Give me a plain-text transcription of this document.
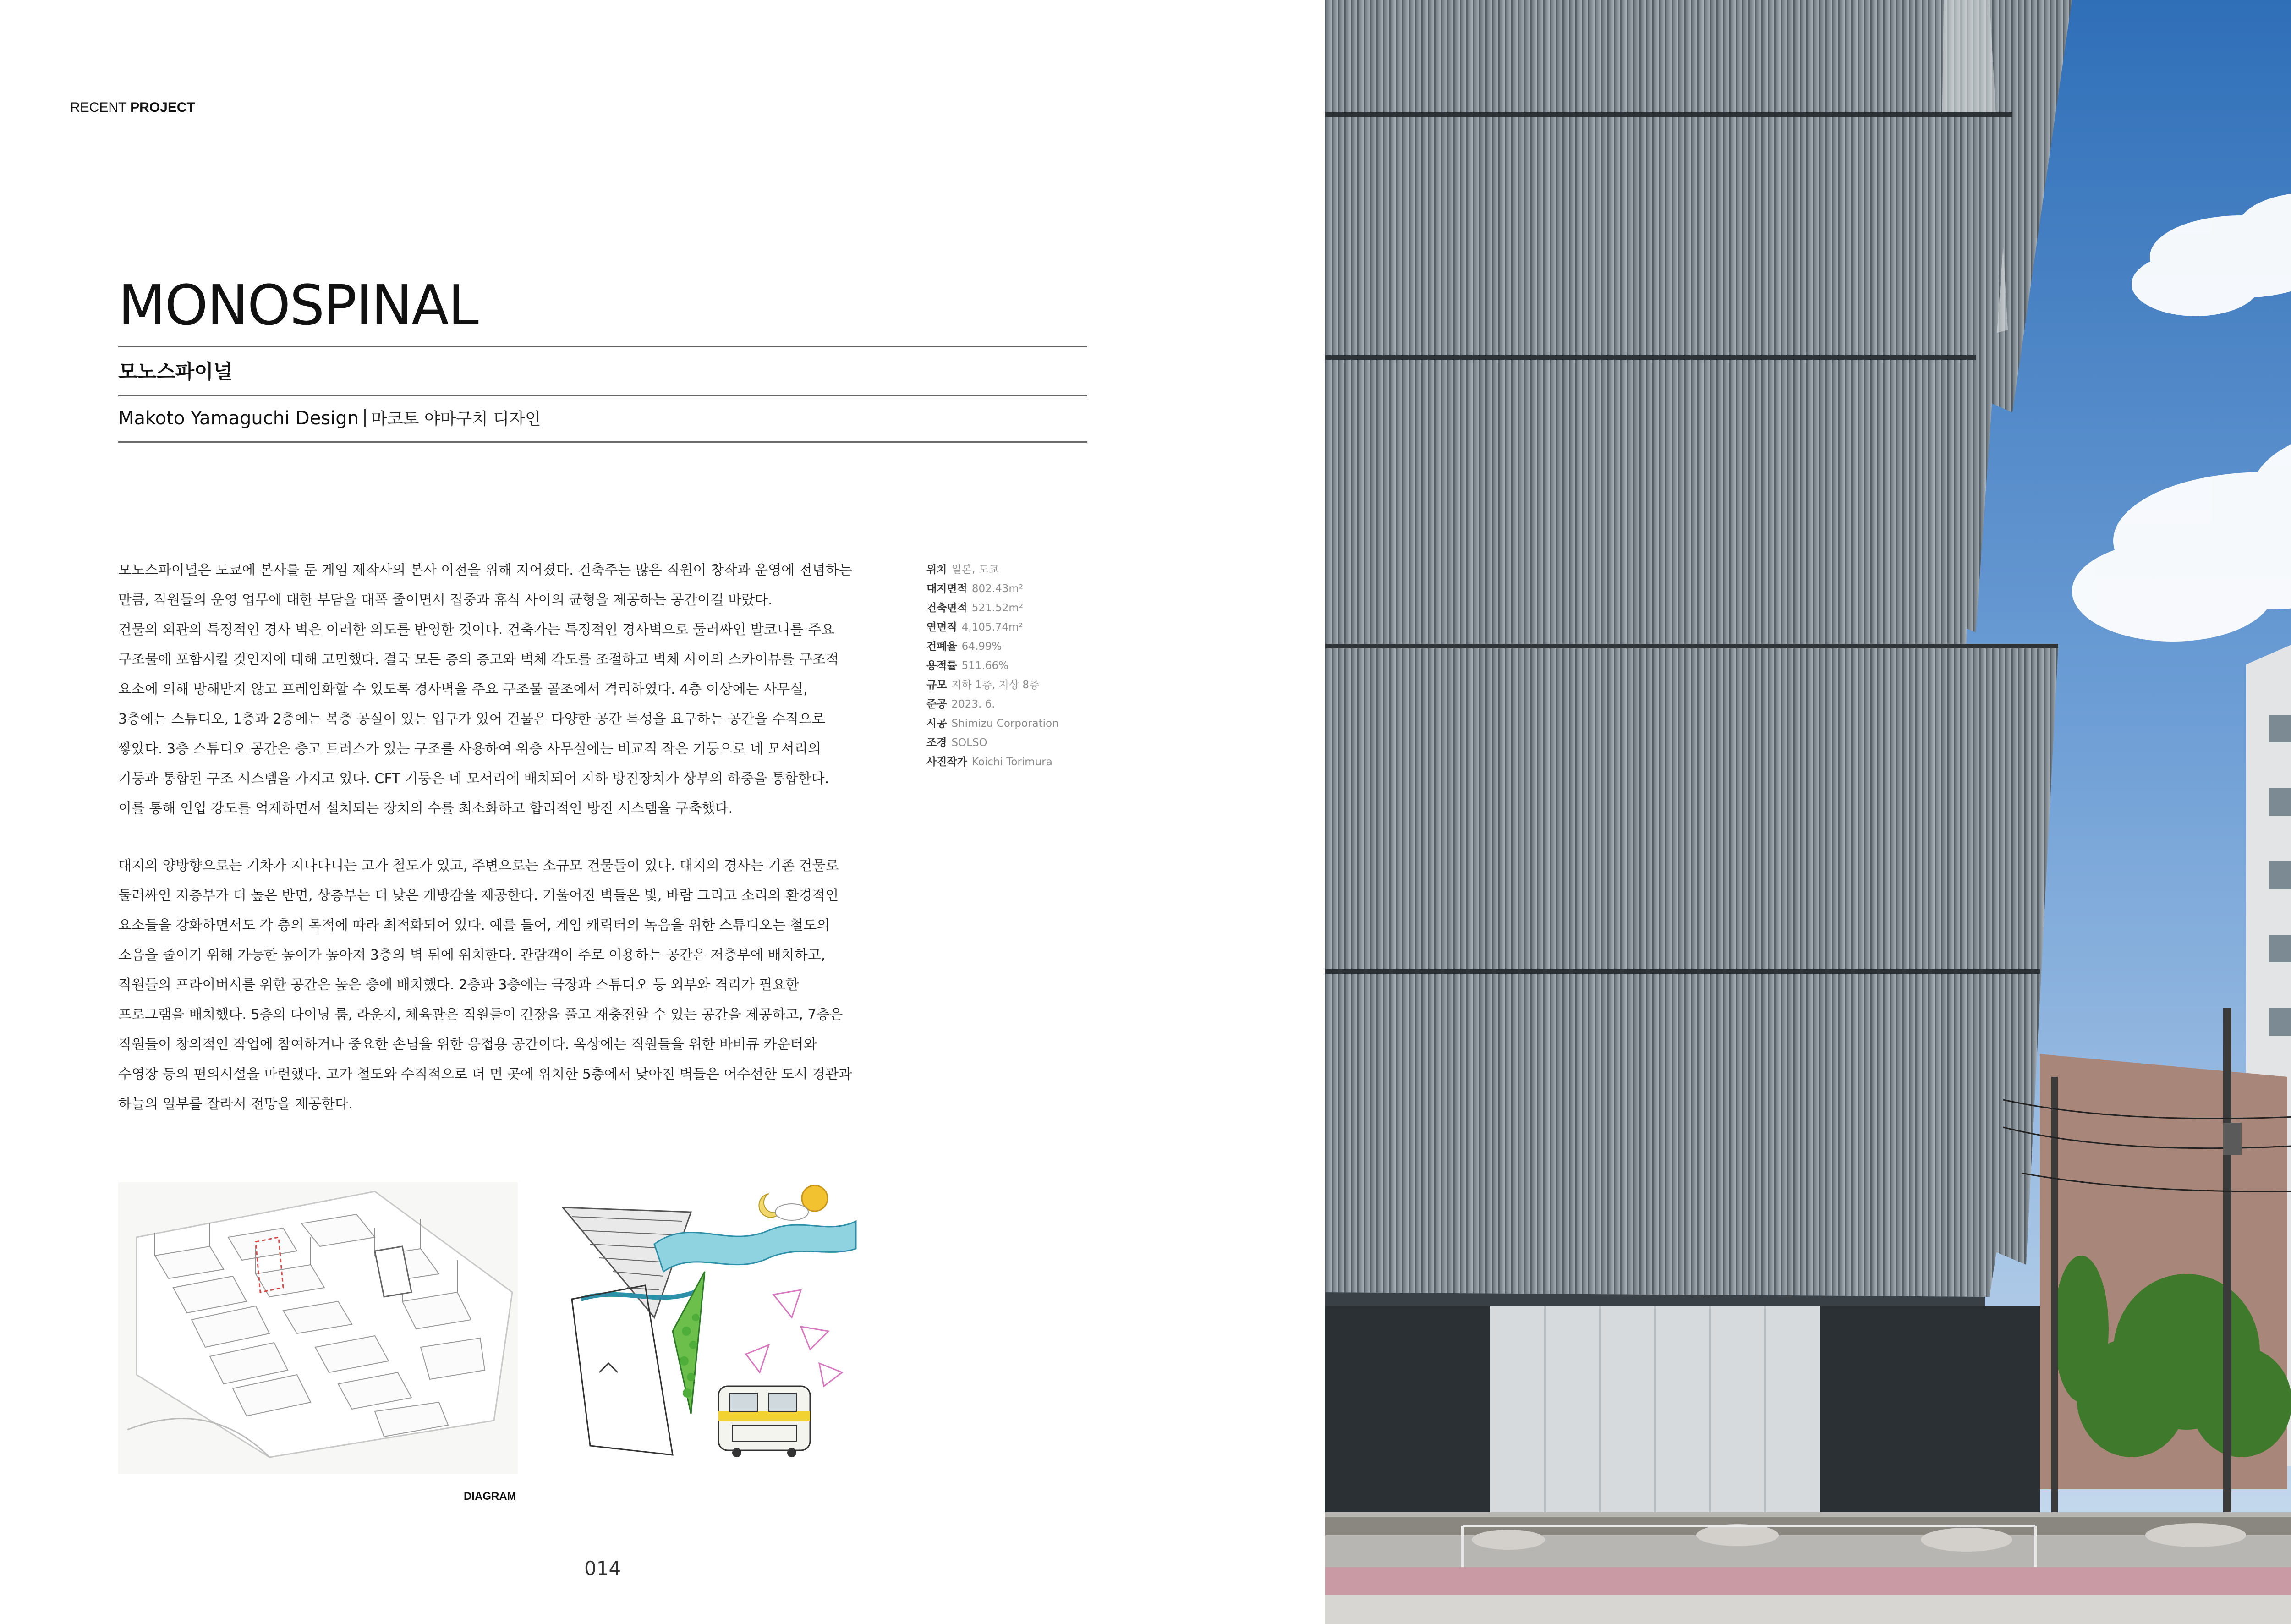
RECENT PROJECT
MONOSPINAL
모노스파이널
Makoto Yamaguchi Design 마코토 야마구치 디자인
모노스파이널은 도쿄에 본사를 둔 게임 제작사의 본사 이전을 위해 지어졌다. 건축주는 많은 직원이 창작과 운영에 전념하는
만큼, 직원들의 운영 업무에 대한 부담을 대폭 줄이면서 집중과 휴식 사이의 균형을 제공하는 공간이길 바랐다.
건물의 외관의 특징적인 경사 벽은 이러한 의도를 반영한 것이다. 건축가는 특징적인 경사벽으로 둘러싸인 발코니를 주요
구조물에 포함시킬 것인지에 대해 고민했다. 결국 모든 층의 층고와 벽체 각도를 조절하고 벽체 사이의 스카이뷰를 구조적
요소에 의해 방해받지 않고 프레임화할 수 있도록 경사벽을 주요 구조물 골조에서 격리하였다. 4층 이상에는 사무실,
3층에는 스튜디오, 1층과 2층에는 복층 공실이 있는 입구가 있어 건물은 다양한 공간 특성을 요구하는 공간을 수직으로
쌓았다. 3층 스튜디오 공간은 층고 트러스가 있는 구조를 사용하여 위층 사무실에는 비교적 작은 기둥으로 네 모서리의
기둥과 통합된 구조 시스템을 가지고 있다. CFT 기둥은 네 모서리에 배치되어 지하 방진장치가 상부의 하중을 통합한다.
이를 통해 인입 강도를 억제하면서 설치되는 장치의 수를 최소화하고 합리적인 방진 시스템을 구축했다.
대지의 양방향으로는 기차가 지나다니는 고가 철도가 있고, 주변으로는 소규모 건물들이 있다. 대지의 경사는 기존 건물로
둘러싸인 저층부가 더 높은 반면, 상층부는 더 낮은 개방감을 제공한다. 기울어진 벽들은 빛, 바람 그리고 소리의 환경적인
요소들을 강화하면서도 각 층의 목적에 따라 최적화되어 있다. 예를 들어, 게임 캐릭터의 녹음을 위한 스튜디오는 철도의
소음을 줄이기 위해 가능한 높이가 높아져 3층의 벽 뒤에 위치한다. 관람객이 주로 이용하는 공간은 저층부에 배치하고,
직원들의 프라이버시를 위한 공간은 높은 층에 배치했다. 2층과 3층에는 극장과 스튜디오 등 외부와 격리가 필요한
프로그램을 배치했다. 5층의 다이닝 룸, 라운지, 체육관은 직원들이 긴장을 풀고 재충전할 수 있는 공간을 제공하고, 7층은
직원들이 창의적인 작업에 참여하거나 중요한 손님을 위한 응접용 공간이다. 옥상에는 직원들을 위한 바비큐 카운터와
수영장 등의 편의시설을 마련했다. 고가 철도와 수직적으로 더 먼 곳에 위치한 5층에서 낮아진 벽들은 어수선한 도시 경관과
하늘의 일부를 잘라서 전망을 제공한다.
위치 일본, 도쿄
대지면적 802.43m²
건축면적 521.52m²
연면적 4,105.74m²
건폐율 64.99%
용적률 511.66%
규모 지하 1층, 지상 8층
준공 2023. 6.
시공 Shimizu Corporation
조경 SOLSO
사진작가 Koichi Torimura
DIAGRAM
014
